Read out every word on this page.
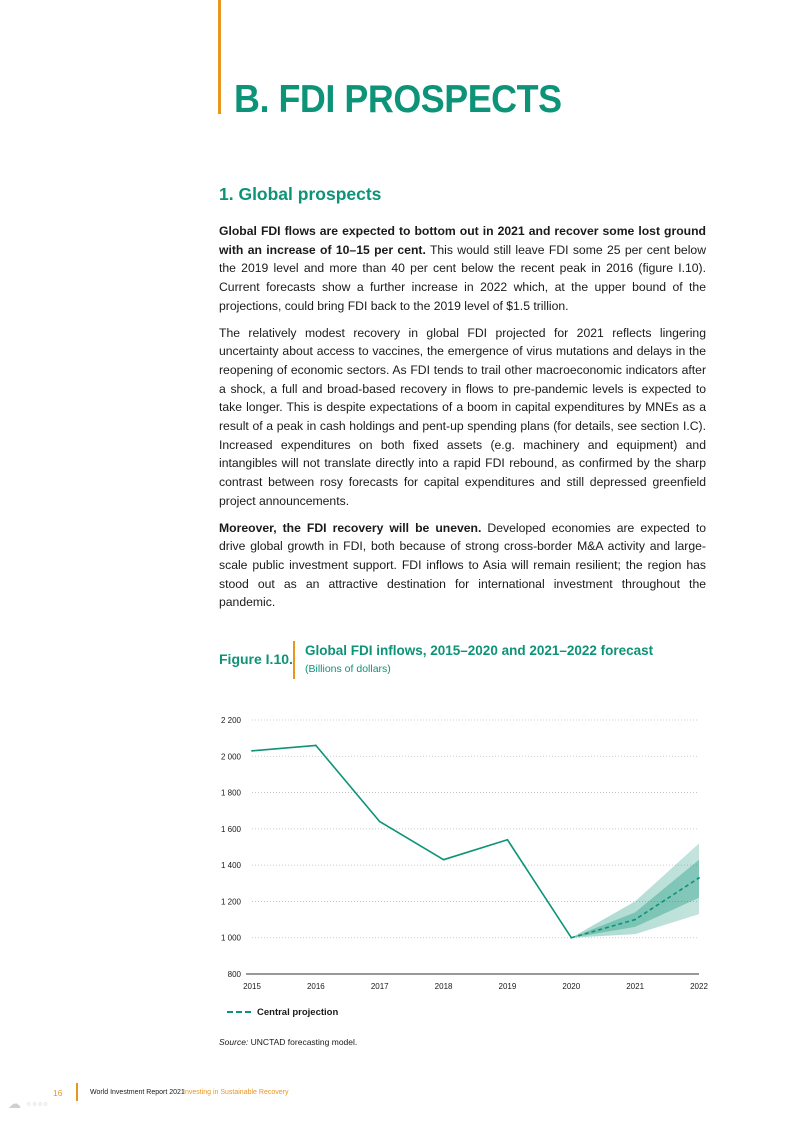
B. FDI PROSPECTS
1. Global prospects

Global FDI flows are expected to bottom out in 2021 and recover some lost ground with an increase of 10–15 per cent. This would still leave FDI some 25 per cent below the 2019 level and more than 40 per cent below the recent peak in 2016 (figure I.10). Current forecasts show a further increase in 2022 which, at the upper bound of the projections, could bring FDI back to the 2019 level of $1.5 trillion.

The relatively modest recovery in global FDI projected for 2021 reflects lingering uncertainty about access to vaccines, the emergence of virus mutations and delays in the reopening of economic sectors. As FDI tends to trail other macroeconomic indicators after a shock, a full and broad-based recovery in flows to pre-pandemic levels is expected to take longer. This is despite expectations of a boom in capital expenditures by MNEs as a result of a peak in cash holdings and pent-up spending plans (for details, see section I.C). Increased expenditures on both fixed assets (e.g. machinery and equipment) and intangibles will not translate directly into a rapid FDI rebound, as confirmed by the sharp contrast between rosy forecasts for capital expenditures and still depressed greenfield project announcements.

Moreover, the FDI recovery will be uneven. Developed economies are expected to drive global growth in FDI, both because of strong cross-border M&A activity and large-scale public investment support. FDI inflows to Asia will remain resilient; the region has stood out as an attractive destination for international investment throughout the pandemic.

Figure I.10.
Global FDI inflows, 2015–2020 and 2021–2022 forecast
(Billions of dollars)
800
1 000
1 200
1 400
1 600
1 800
2 000
2 200
2015	2016	2017	2018	2019	2020	2021	2022
Central projection
Source: UNCTAD forecasting model.
16	World Investment Report 2021
Investing in Sustainable Recovery
☁ ◦◦◦◦
